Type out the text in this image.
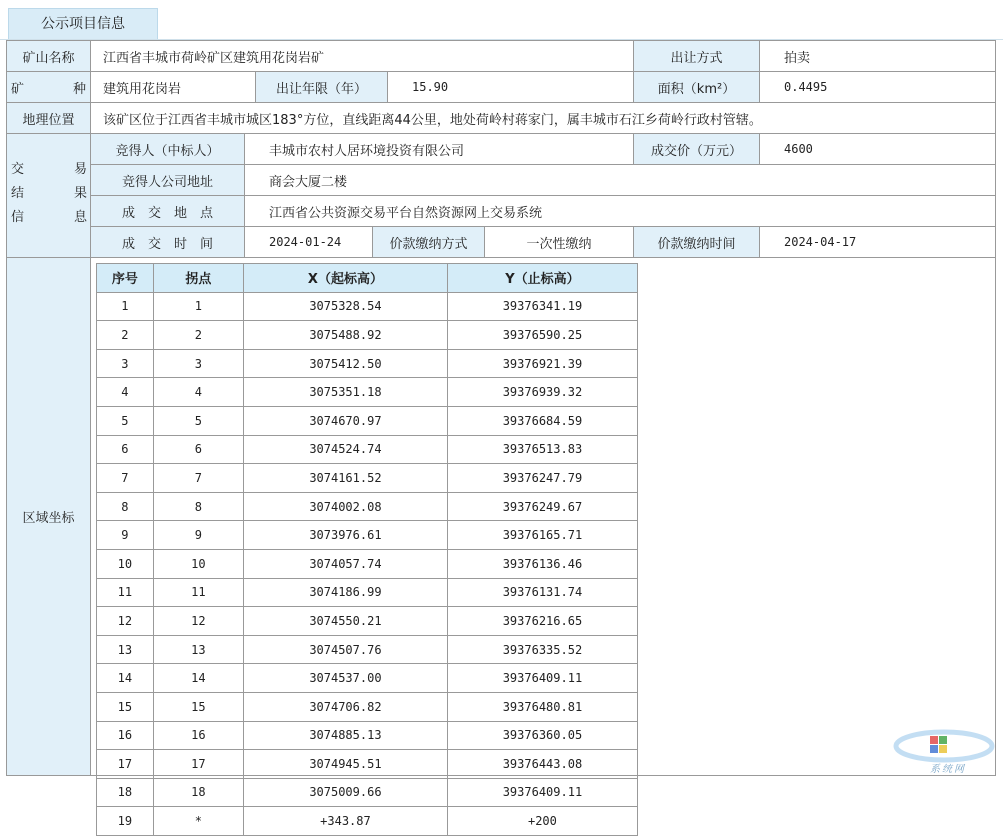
公示项目信息
矿山名称	江西省丰城市荷岭矿区建筑用花岗岩矿	出让方式	拍卖
矿	种	建筑用花岗岩	出让年限（年）	15.90	面积（km²）	0.4495
地理位置	该矿区位于江西省丰城市城区183°方位，直线距离44公里，地处荷岭村蒋家门，属丰城市石江乡荷岭行政村管辖。
交	易
结	果
信	息
竞得人（中标人）	丰城市农村人居环境投资有限公司	成交价（万元）	4600
竞得人公司地址	商会大厦二楼
成　交　地　点	江西省公共资源交易平台自然资源网上交易系统
成　交　时　间	2024-01-24	价款缴纳方式	一次性缴纳	价款缴纳时间	2024-04-17
区域坐标
序号	拐点	X（起标高）	Y（止标高）
1	1	3075328.54	39376341.19
2	2	3075488.92	39376590.25
3	3	3075412.50	39376921.39
4	4	3075351.18	39376939.32
5	5	3074670.97	39376684.59
6	6	3074524.74	39376513.83
7	7	3074161.52	39376247.79
8	8	3074002.08	39376249.67
9	9	3073976.61	39376165.71
10	10	3074057.74	39376136.46
11	11	3074186.99	39376131.74
12	12	3074550.21	39376216.65
13	13	3074507.76	39376335.52
14	14	3074537.00	39376409.11
15	15	3074706.82	39376480.81
16	16	3074885.13	39376360.05
17	17	3074945.51	39376443.08
18	18	3075009.66	39376409.11
19	*	+343.87	+200
系统网
